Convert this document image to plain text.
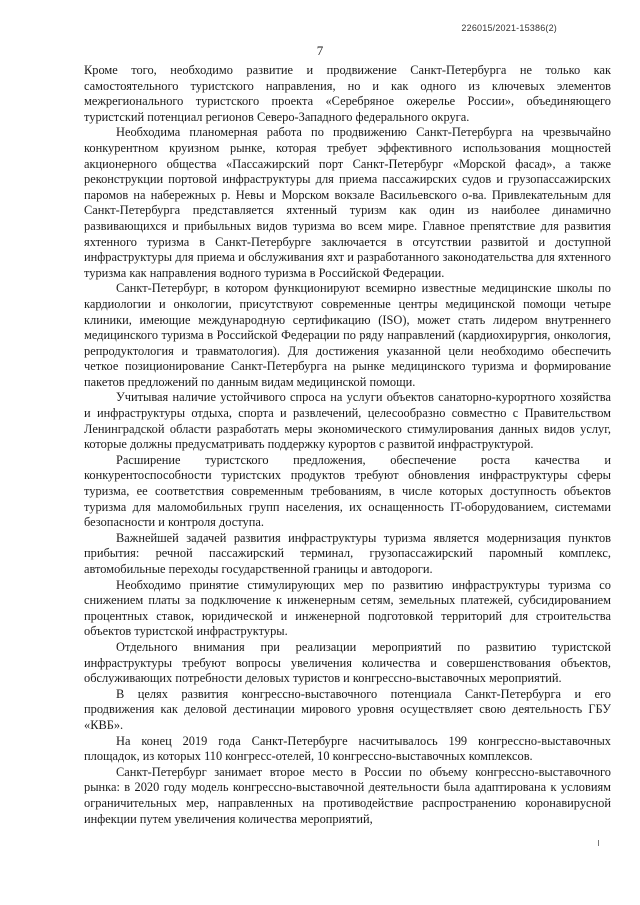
226015/2021-15386(2)
7

Кроме того, необходимо развитие и продвижение Санкт-Петербурга не только как самостоятельного туристского направления, но и как одного из ключевых элементов межрегионального туристского проекта «Серебряное ожерелье России», объединяющего туристский потенциал регионов Северо-Западного федерального округа.

Необходима планомерная работа по продвижению Санкт-Петербурга на чрезвычайно конкурентном круизном рынке, которая требует эффективного использования мощностей акционерного общества «Пассажирский порт Санкт-Петербург «Морской фасад», а также реконструкции портовой инфраструктуры для приема пассажирских судов и грузопассажирских паромов на набережных р. Невы и Морском вокзале Васильевского о-ва. Привлекательным для Санкт-Петербурга представляется яхтенный туризм как один из наиболее динамично развивающихся и прибыльных видов туризма во всем мире. Главное препятствие для развития яхтенного туризма в Санкт-Петербурге заключается в отсутствии развитой и доступной инфраструктуры для приема и обслуживания яхт и разработанного законодательства для яхтенного туризма как направления водного туризма в Российской Федерации.

Санкт-Петербург, в котором функционируют всемирно известные медицинские школы по кардиологии и онкологии, присутствуют современные центры медицинской помощи четыре клиники, имеющие международную сертификацию (ISO), может стать лидером внутреннего медицинского туризма в Российской Федерации по ряду направлений (кардиохирургия, онкология, репродуктология и травматология). Для достижения указанной цели необходимо обеспечить четкое позиционирование Санкт-Петербурга на рынке медицинского туризма и формирование пакетов предложений по данным видам медицинской помощи.

Учитывая наличие устойчивого спроса на услуги объектов санаторно-курортного хозяйства и инфраструктуры отдыха, спорта и развлечений, целесообразно совместно с Правительством Ленинградской области разработать меры экономического стимулирования данных видов услуг, которые должны предусматривать поддержку курортов с развитой инфраструктурой.

Расширение туристского предложения, обеспечение роста качества и конкурентоспособности туристских продуктов требуют обновления инфраструктуры сферы туризма, ее соответствия современным требованиям, в числе которых доступность объектов туризма для маломобильных групп населения, их оснащенность IT-оборудованием, системами безопасности и контроля доступа.

Важнейшей задачей развития инфраструктуры туризма является модернизация пунктов прибытия: речной пассажирский терминал, грузопассажирский паромный комплекс, автомобильные переходы государственной границы и автодороги.

Необходимо принятие стимулирующих мер по развитию инфраструктуры туризма со снижением платы за подключение к инженерным сетям, земельных платежей, субсидированием процентных ставок, юридической и инженерной подготовкой территорий для строительства объектов туристской инфраструктуры.

Отдельного внимания при реализации мероприятий по развитию туристской инфраструктуры требуют вопросы увеличения количества и совершенствования объектов, обслуживающих потребности деловых туристов и конгрессно-выставочных мероприятий.

В целях развития конгрессно-выставочного потенциала Санкт-Петербурга и его продвижения как деловой дестинации мирового уровня осуществляет свою деятельность ГБУ «КВБ».

На конец 2019 года Санкт-Петербурге насчитывалось 199 конгрессно-выставочных площадок, из которых 110 конгресс-отелей, 10 конгрессно-выставочных комплексов.

Санкт-Петербург занимает второе место в России по объему конгрессно-выставочного рынка: в 2020 году модель конгрессно-выставочной деятельности была адаптирована к условиям ограничительных мер, направленных на противодействие распространению коронавирусной инфекции путем увеличения количества мероприятий,
